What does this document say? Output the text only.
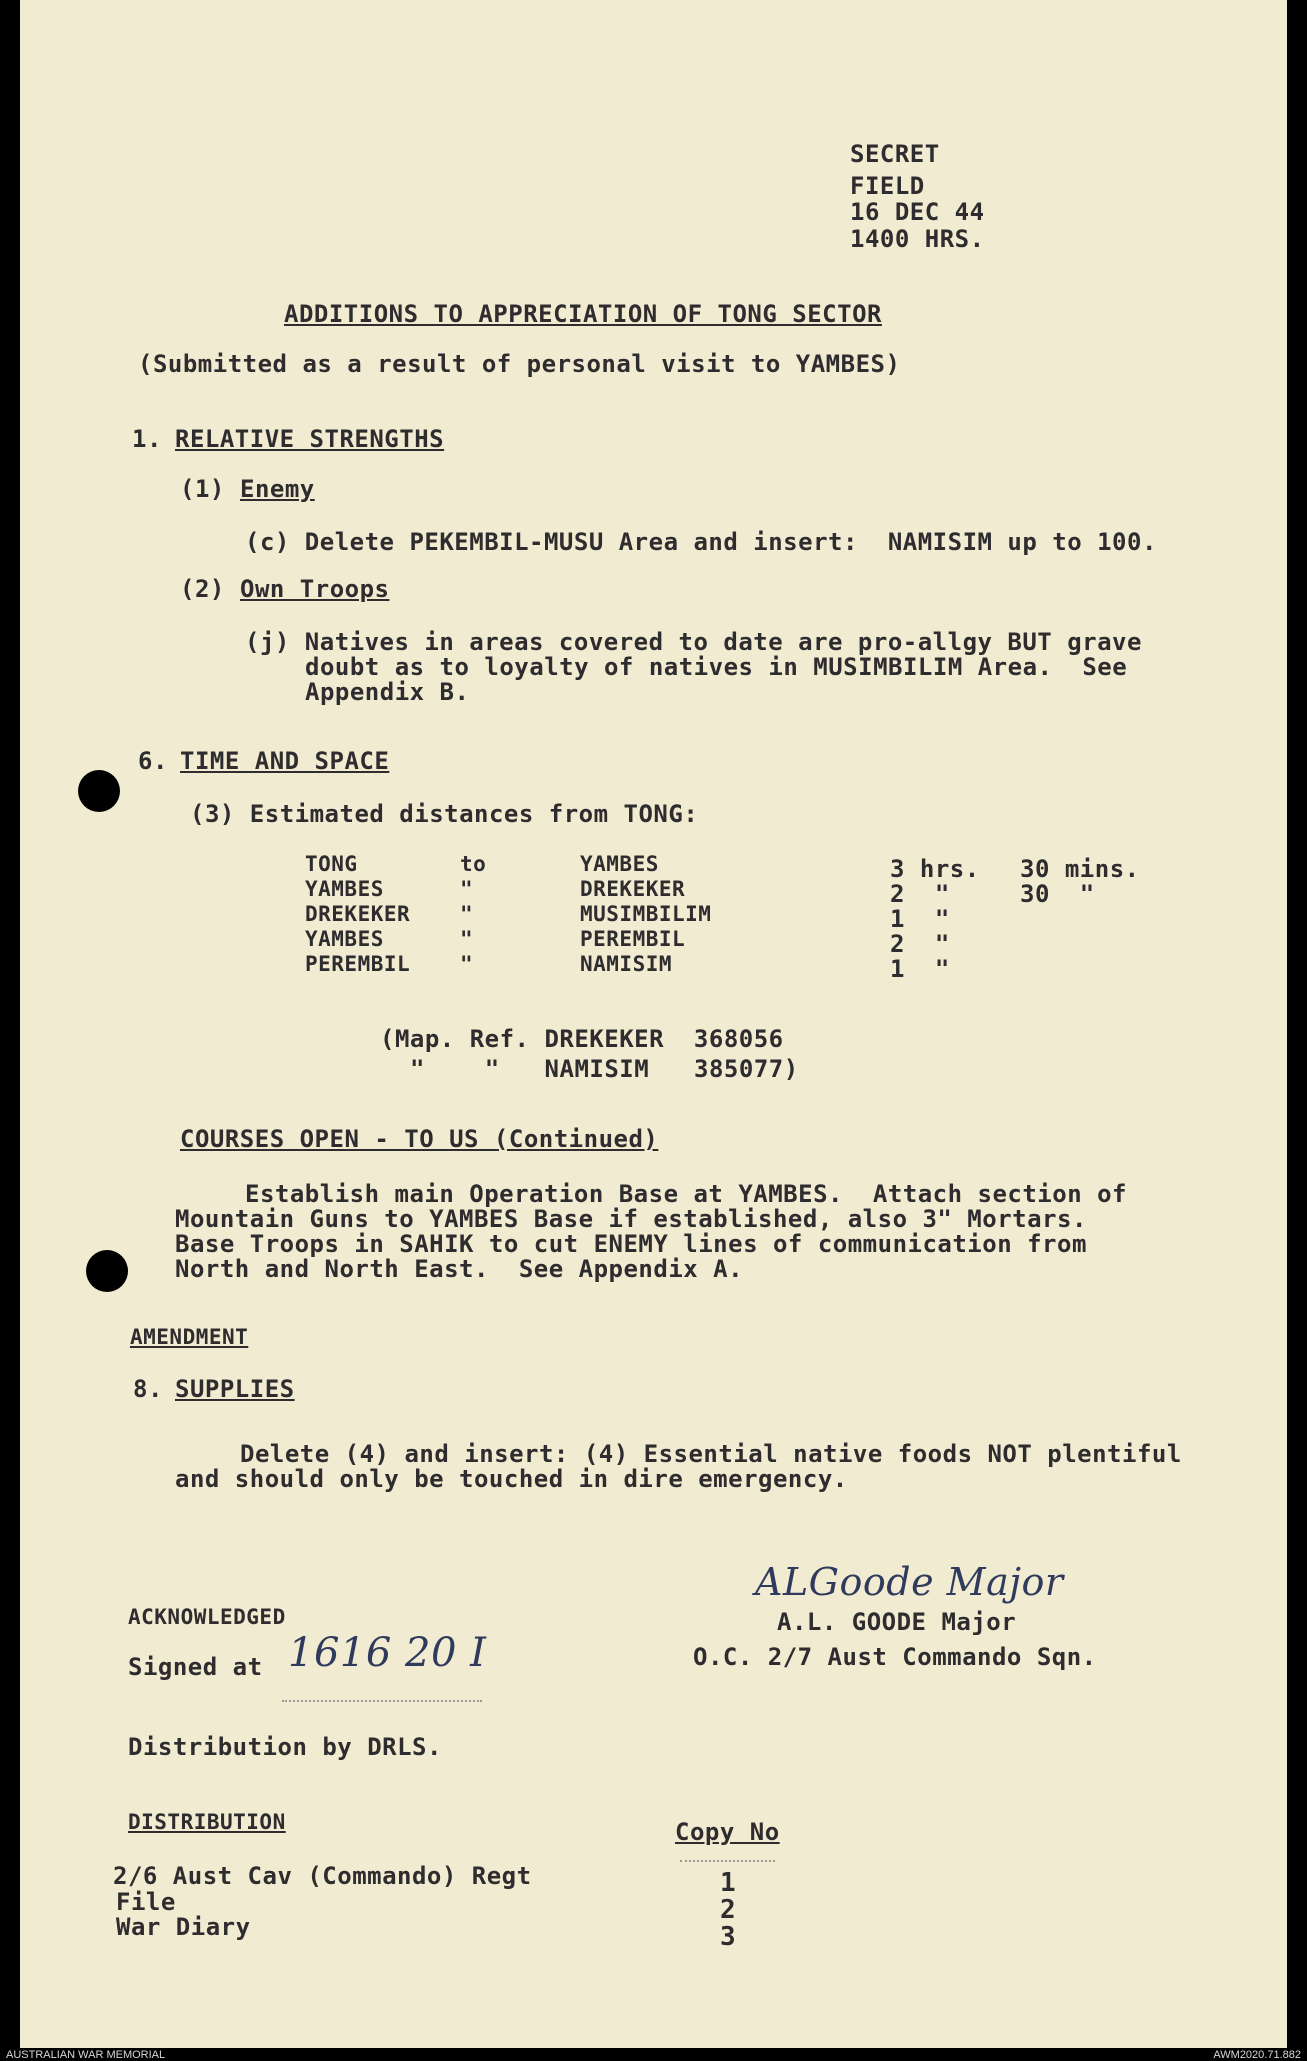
SECRET
FIELD
16 DEC 44
1400 HRS.
ADDITIONS TO APPRECIATION OF TONG SECTOR
(Submitted as a result of personal visit to YAMBES)
1. RELATIVE STRENGTHS
(1) Enemy
(c) Delete PEKEMBIL-MUSU Area and insert:  NAMISIM up to 100.
(2) Own Troops
(j) Natives in areas covered to date are pro-allgy BUT grave
doubt as to loyalty of natives in MUSIMBILIM Area.  See
Appendix B.
6. TIME AND SPACE
(3) Estimated distances from TONG:
TONG	to	YAMBES	3 hrs. 30 mins.
YAMBES	"	DREKEKER	2  "	30  "
DREKEKER "	MUSIMBILIM	1  "
YAMBES	"	PEREMBIL	2  "
PEREMBIL "	NAMISIM	1  "
(Map. Ref. DREKEKER  368056
"    "   NAMISIM   385077)
COURSES OPEN - TO US (Continued)
Establish main Operation Base at YAMBES.  Attach section of
Mountain Guns to YAMBES Base if established, also 3" Mortars.
Base Troops in SAHIK to cut ENEMY lines of communication from
North and North East.  See Appendix A.
AMENDMENT
8. SUPPLIES
Delete (4) and insert: (4) Essential native foods NOT plentiful
and should only be touched in dire emergency.
ALGoode Major
A.L. GOODE Major
O.C. 2/7 Aust Commando Sqn.
ACKNOWLEDGED
Signed at 1616 20 I
Distribution by DRLS.
DISTRIBUTION	Copy No
2/6 Aust Cav (Commando) Regt	1
File	2
War Diary	3
AUSTRALIAN WAR MEMORIAL	AWM2020.71.882
